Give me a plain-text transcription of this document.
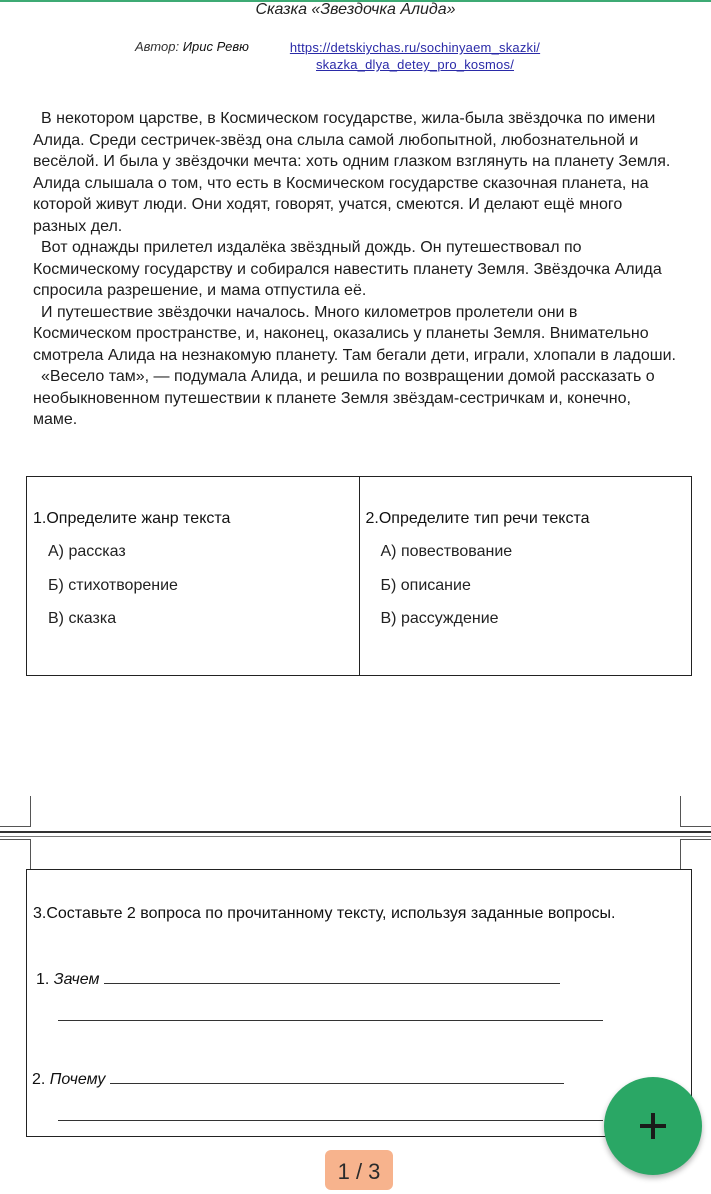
Сказка «Звездочка Алида»
Автор: Ирис Ревю	https://detskiychas.ru/sochinyaem_skazki/
skazka_dlya_detey_pro_kosmos/

В некотором царстве, в Космическом государстве, жила-была звёздочка по имени Алида. Среди сестричек-звёзд она слыла самой любопытной, любознательной и весёлой. И была у звёздочки мечта: хоть одним глазком взглянуть на планету Земля. Алида слышала о том, что есть в Космическом государстве сказочная планета, на которой живут люди. Они ходят, говорят, учатся, смеются. И делают ещё много разных дел.

Вот однажды прилетел издалёка звёздный дождь. Он путешествовал по Космическому государству и собирался навестить планету Земля. Звёздочка Алида спросила разрешение, и мама отпустила её.

И путешествие звёздочки началось. Много километров пролетели они в Космическом пространстве, и, наконец, оказались у планеты Земля. Внимательно смотрела Алида на незнакомую планету. Там бегали дети, играли, хлопали в ладоши.

«Весело там», — подумала Алида, и решила по возвращении домой рассказать о необыкновенном путешествии к планете Земля звёздам-сестричкам и, конечно, маме.

1.Определите жанр текста
А) рассказ
Б) стихотворение
В) сказка
2.Определите тип речи текста
А) повествование
Б) описание
В) рассуждение
3.Составьте 2 вопроса по прочитанному тексту, используя заданные вопросы.
1. Зачем
2. Почему
1 / 3
